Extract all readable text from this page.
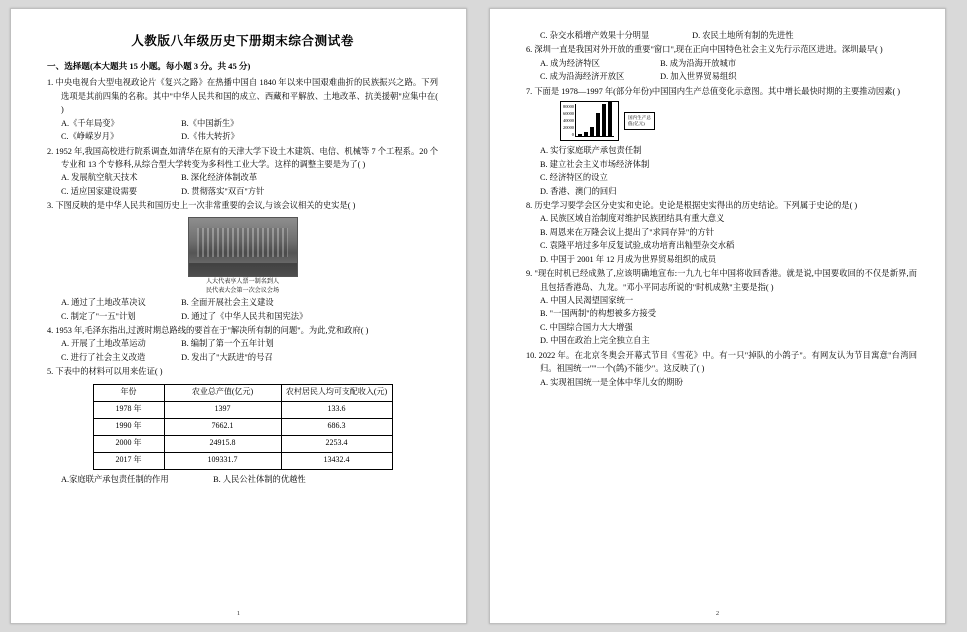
人教版八年级历史下册期末综合测试卷
一、选择题(本大题共 15 小题。每小题 3 分。共 45 分)
1. 中央电视台大型电视政论片《复兴之路》在热播中国自 1840 年以来中国艰难曲折的民族振兴之路。下列选项是其前四集的名称。其中"中华人民共和国的成立、西藏和平解放、土地改革、抗美援朝"应集中在( )
A.《千年局变》	B.《中国新生》
C.《峥嵘岁月》	D.《伟大转折》
2. 1952 年,我国高校进行院系调查,如清华在原有的天津大学下设土木建筑、电信、机械等 7 个工程系。20 个专业和 13 个专修科,从综合型大学转变为多科性工业大学。这样的调整主要是为了( )
A. 发展航空航天技术	B. 深化经济体制改革
C. 适应国家建设需要	D. 贯彻落实"双百"方针
3. 下图反映的是中华人民共和国历史上一次非常重要的会议,与该会议相关的史实是( )
人大代表享人票一制名到人
民代表大会第一次会议会场
A. 通过了土地改革决议	B. 全面开展社会主义建设
C. 制定了"一五"计划	D. 通过了《中华人民共和国宪法》
4. 1953 年,毛泽东指出,过渡时期总路线的要首在于"解决所有制的问题"。为此,党和政府( )
A. 开展了土地改革运动	B. 编制了第一个五年计划
C. 进行了社会主义改造	D. 发出了"大跃进"的号召
5. 下表中的材料可以用来佐证( )
年份	农业总产值(亿元)	农村居民人均可支配收入(元)
1978 年	1397	133.6
1990 年	7662.1	686.3
2000 年	24915.8	2253.4
2017 年	109331.7	13432.4
A.家庭联产承包责任制的作用	B. 人民公社体制的优越性
1
C. 杂交水稻增产效果十分明显	D. 农民土地所有制的先进性
6. 深圳一直是我国对外开放的重要"窗口",现在正向中国特色社会主义先行示范区进进。深圳最早( )
A. 成为经济特区	B. 成为沿海开放城市
C. 成为沿海经济开放区	D. 加入世界贸易组织
7. 下面是 1978—1997 年(部分年份)中国国内生产总值变化示意图。其中增长最快时期的主要推动因素( )
80000
60000
40000
20000
0
国内生产总
值(亿元)
A. 实行家庭联产承包责任制
B. 建立社会主义市场经济体制
C. 经济特区的设立
D. 香港、澳门的回归
8. 历史学习要学会区分史实和史论。史论是根据史实得出的历史结论。下列属于史论的是( )
A. 民族区域自治制度对维护民族团结具有重大意义
B. 周恩来在万隆会议上提出了"求同存异"的方针
C. 袁隆平培过多年反复试验,成功培育出籼型杂交水稻
D. 中国于 2001 年 12 月成为世界贸易组织的成员
9. "现在时机已经成熟了,应该明确地宣布:一九九七年中国将收回香港。就是说,中国要收回的不仅是新界,而且包括香港岛、九龙。"邓小平同志所说的"时机成熟"主要是指( )
A. 中国人民渴望国家统一
B. "一国两制"的构想被多方接受
C. 中国综合国力大大增强
D. 中国在政治上完全独立自主
10. 2022 年。在北京冬奥会开幕式节目《雪花》中。有一只"掉队的小鸽子"。有网友认为节目寓意"台湾回归。祖国统一""一个(鸽)不能少"。这反映了( )
A. 实现祖国统一是全体中华儿女的期盼
2
